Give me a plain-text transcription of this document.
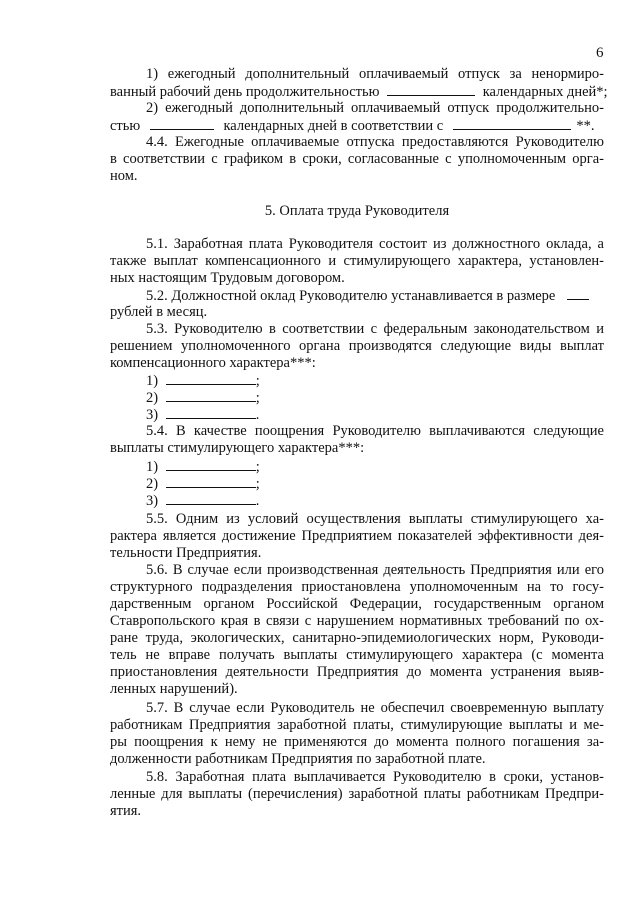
6
1) ежегодный дополнительный оплачиваемый отпуск за ненормиро-
ванный рабочий день продолжительностью	календарных дней*;
2) ежегодный дополнительный оплачиваемый отпуск продолжительно-
стью	календарных дней в соответствии с	**.
4.4. Ежегодные оплачиваемые отпуска предоставляются Руководителю
в соответствии с графиком в сроки, согласованные с уполномоченным орга-
ном.
5. Оплата труда Руководителя
5.1. Заработная плата Руководителя состоит из должностного оклада, а
также выплат компенсационного и стимулирующего характера, установлен-
ных настоящим Трудовым договором.
5.2. Должностной оклад Руководителю устанавливается в размере
рублей в месяц.
5.3. Руководителю в соответствии с федеральным законодательством и
решением уполномоченного органа производятся следующие виды выплат
компенсационного характера***:
1)	;
2)	;
3)	.
5.4. В качестве поощрения Руководителю выплачиваются следующие
выплаты стимулирующего характера***:
1)	;
2)	;
3)	.
5.5. Одним из условий осуществления выплаты стимулирующего ха-
рактера является достижение Предприятием показателей эффективности дея-
тельности Предприятия.
5.6. В случае если производственная деятельность Предприятия или его
структурного подразделения приостановлена уполномоченным на то госу-
дарственным органом Российской Федерации, государственным органом
Ставропольского края в связи с нарушением нормативных требований по ох-
ране труда, экологических, санитарно-эпидемиологических норм, Руководи-
тель не вправе получать выплаты стимулирующего характера (с момента
приостановления деятельности Предприятия до момента устранения выяв-
ленных нарушений).
5.7. В случае если Руководитель не обеспечил своевременную выплату
работникам Предприятия заработной платы, стимулирующие выплаты и ме-
ры поощрения к нему не применяются до момента полного погашения за-
долженности работникам Предприятия по заработной плате.
5.8. Заработная плата выплачивается Руководителю в сроки, установ-
ленные для выплаты (перечисления) заработной платы работникам Предпри-
ятия.
